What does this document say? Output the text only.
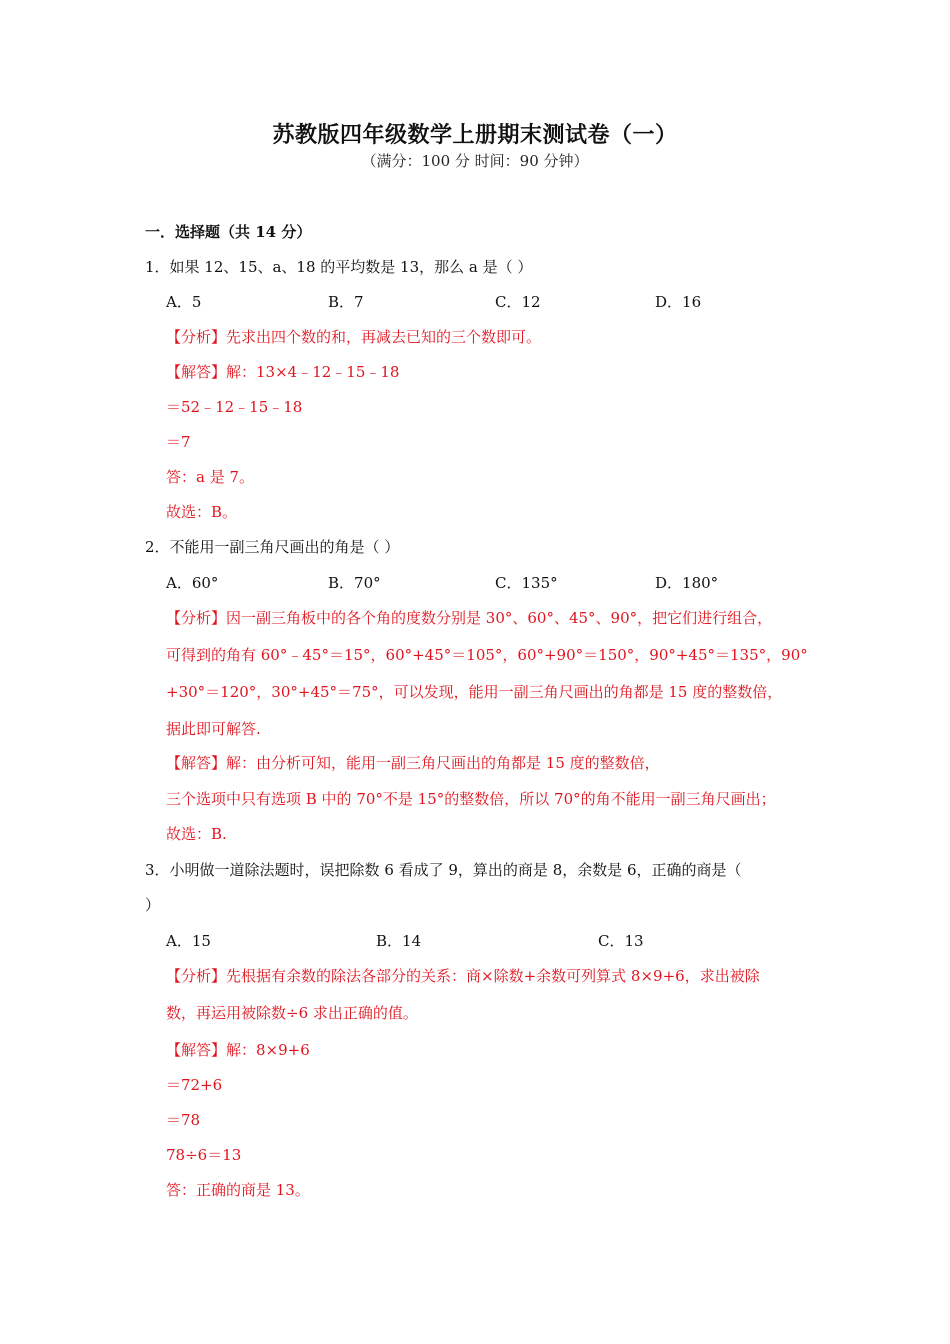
苏教版四年级数学上册期末测试卷（一）
（满分：100 分 时间：90 分钟）
一．选择题（共 14 分）
1．如果 12、15、a、18 的平均数是 13，那么 a 是（ ）
A．5	B．7	C．12	D．16
【分析】先求出四个数的和，再减去已知的三个数即可。
【解答】解：13×4﹣12﹣15﹣18
＝52﹣12﹣15﹣18
＝7
答：a 是 7。
故选：B。
2．不能用一副三角尺画出的角是（ ）
A．60°	B．70°	C．135°	D．180°
【分析】因一副三角板中的各个角的度数分别是 30°、60°、45°、90°，把它们进行组合，
可得到的角有 60°﹣45°＝15°，60°+45°＝105°，60°+90°＝150°，90°+45°＝135°，90°
+30°＝120°，30°+45°＝75°，可以发现，能用一副三角尺画出的角都是 15 度的整数倍，
据此即可解答.
【解答】解：由分析可知，能用一副三角尺画出的角都是 15 度的整数倍，
三个选项中只有选项 B 中的 70°不是 15°的整数倍，所以 70°的角不能用一副三角尺画出；
故选：B.
3．小明做一道除法题时，误把除数 6 看成了 9，算出的商是 8，余数是 6，正确的商是（
）
A．15	B．14	C．13
【分析】先根据有余数的除法各部分的关系：商×除数+余数可列算式 8×9+6，求出被除
数，再运用被除数÷6 求出正确的值。
【解答】解：8×9+6
＝72+6
＝78
78÷6＝13
答：正确的商是 13。
